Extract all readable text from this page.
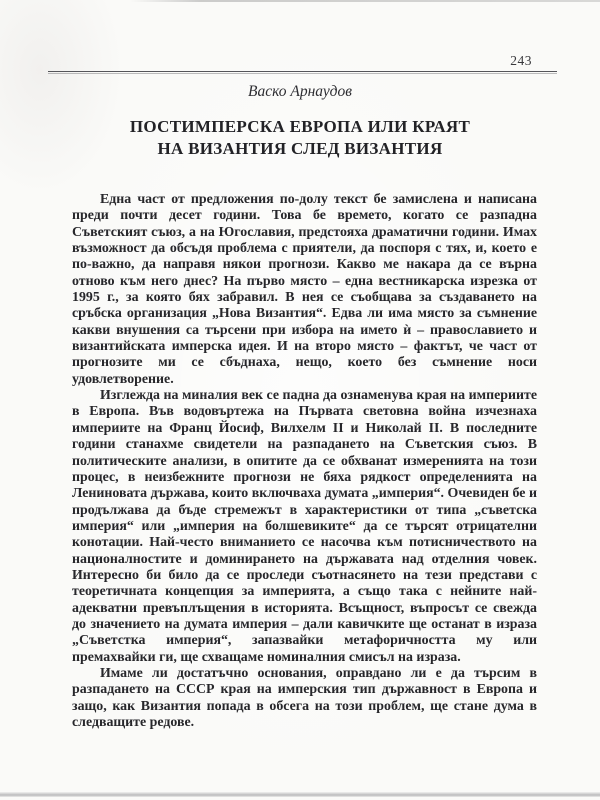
243
Васко Арнаудов
ПОСТИМПЕРСКА ЕВРОПА ИЛИ КРАЯТ
НА ВИЗАНТИЯ СЛЕД ВИЗАНТИЯ

Една част от предложения по-долу текст бе замислена и написана преди почти десет години. Това бе времето, когато се разпадна Съветският съюз, а на Югославия, предстояха драматични години. Имах възможност да обсъдя проблема с приятели, да поспоря с тях, и, което е по-важно, да направя някои прогнози. Какво ме накара да се върна отново към него днес? На първо място – една вестникарска изрезка от 1995 г., за която бях забравил. В нея се съобщава за създаването на сръбска организация „Нова Византия“. Едва ли има място за съмнение какви внушения са търсени при избора на името ѝ – православието и византийската имперска идея. И на второ място – фактът, че част от прогнозите ми се сбъднаха, нещо, което без съмнение носи удовлетворение.

Изглежда на миналия век се падна да ознаменува края на империите в Европа. Във водовъртежа на Първата световна война изчезнаха империите на Франц Йосиф, Вилхелм II и Николай II. В последните години станахме свидетели на разпадането на Съветския съюз. В политическите анализи, в опитите да се обхванат измеренията на този процес, в неизбежните прогнози не бяха рядкост определенията на Лениновата държава, които включваха думата „империя“. Очевиден бе и продължава да бъде стремежът в характеристики от типа „съветска империя“ или „империя на болшевиките“ да се търсят отрицателни конотации. Най-често вниманието се насочва към потисничеството на националностите и доминирането на държавата над отделния човек. Интересно би било да се проследи съотнасянето на тези представи с теоретичната концепция за империята, а също така с нейните най-адекватни превъплъщения в историята. Всъщност, въпросът се свежда до значението на думата империя – дали кавичките ще останат в израза „Съветстка империя“, запазвайки метафоричността му или премахвайки ги, ще схващаме номиналния смисъл на израза.

Имаме ли достатъчно основания, оправдано ли е да търсим в разпадането на СССР края на имперския тип държавност в Европа и защо, как Византия попада в обсега на този проблем, ще стане дума в следващите редове.
